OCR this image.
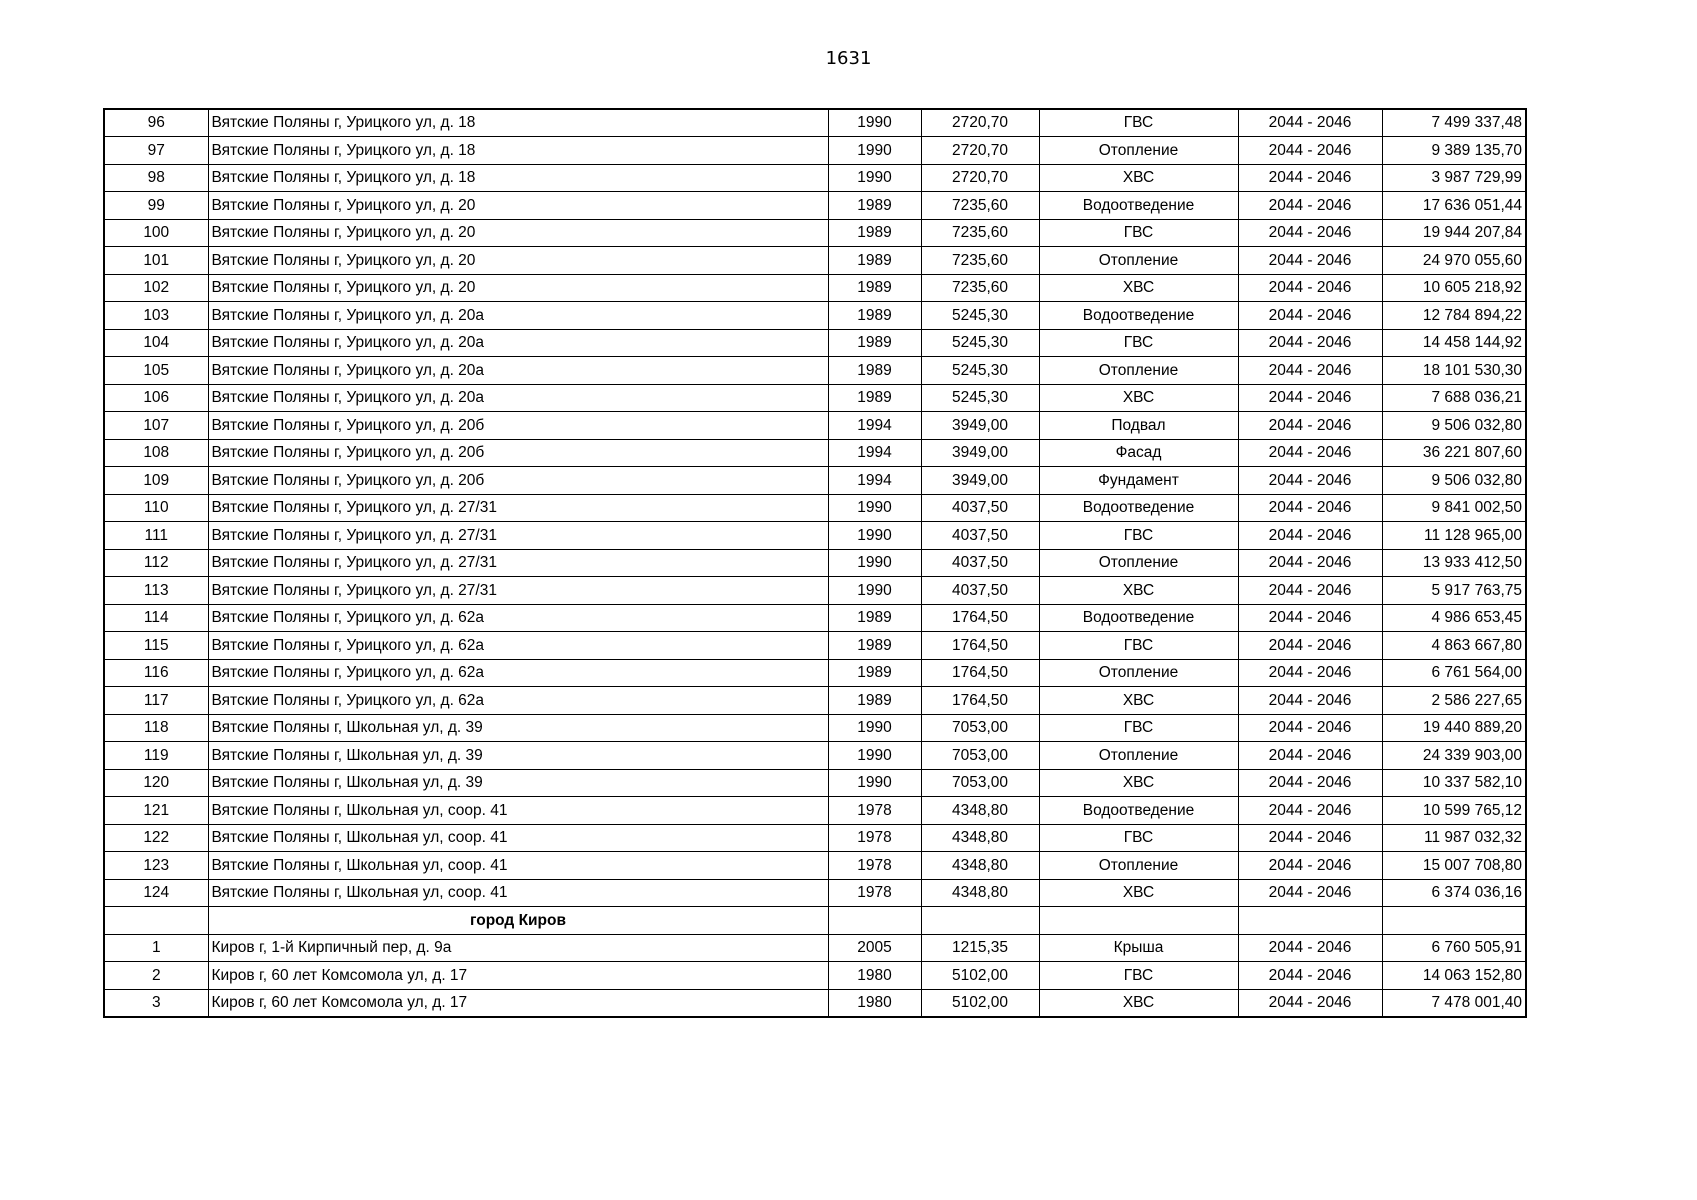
1631
96	Вятские Поляны г, Урицкого ул, д. 18	1990	2720,70	ГВС	2044 - 2046	7 499 337,48
97	Вятские Поляны г, Урицкого ул, д. 18	1990	2720,70	Отопление	2044 - 2046	9 389 135,70
98	Вятские Поляны г, Урицкого ул, д. 18	1990	2720,70	ХВС	2044 - 2046	3 987 729,99
99	Вятские Поляны г, Урицкого ул, д. 20	1989	7235,60	Водоотведение	2044 - 2046	17 636 051,44
100	Вятские Поляны г, Урицкого ул, д. 20	1989	7235,60	ГВС	2044 - 2046	19 944 207,84
101	Вятские Поляны г, Урицкого ул, д. 20	1989	7235,60	Отопление	2044 - 2046	24 970 055,60
102	Вятские Поляны г, Урицкого ул, д. 20	1989	7235,60	ХВС	2044 - 2046	10 605 218,92
103	Вятские Поляны г, Урицкого ул, д. 20а	1989	5245,30	Водоотведение	2044 - 2046	12 784 894,22
104	Вятские Поляны г, Урицкого ул, д. 20а	1989	5245,30	ГВС	2044 - 2046	14 458 144,92
105	Вятские Поляны г, Урицкого ул, д. 20а	1989	5245,30	Отопление	2044 - 2046	18 101 530,30
106	Вятские Поляны г, Урицкого ул, д. 20а	1989	5245,30	ХВС	2044 - 2046	7 688 036,21
107	Вятские Поляны г, Урицкого ул, д. 20б	1994	3949,00	Подвал	2044 - 2046	9 506 032,80
108	Вятские Поляны г, Урицкого ул, д. 20б	1994	3949,00	Фасад	2044 - 2046	36 221 807,60
109	Вятские Поляны г, Урицкого ул, д. 20б	1994	3949,00	Фундамент	2044 - 2046	9 506 032,80
110	Вятские Поляны г, Урицкого ул, д. 27/31	1990	4037,50	Водоотведение	2044 - 2046	9 841 002,50
111	Вятские Поляны г, Урицкого ул, д. 27/31	1990	4037,50	ГВС	2044 - 2046	11 128 965,00
112	Вятские Поляны г, Урицкого ул, д. 27/31	1990	4037,50	Отопление	2044 - 2046	13 933 412,50
113	Вятские Поляны г, Урицкого ул, д. 27/31	1990	4037,50	ХВС	2044 - 2046	5 917 763,75
114	Вятские Поляны г, Урицкого ул, д. 62а	1989	1764,50	Водоотведение	2044 - 2046	4 986 653,45
115	Вятские Поляны г, Урицкого ул, д. 62а	1989	1764,50	ГВС	2044 - 2046	4 863 667,80
116	Вятские Поляны г, Урицкого ул, д. 62а	1989	1764,50	Отопление	2044 - 2046	6 761 564,00
117	Вятские Поляны г, Урицкого ул, д. 62а	1989	1764,50	ХВС	2044 - 2046	2 586 227,65
118	Вятские Поляны г, Школьная ул, д. 39	1990	7053,00	ГВС	2044 - 2046	19 440 889,20
119	Вятские Поляны г, Школьная ул, д. 39	1990	7053,00	Отопление	2044 - 2046	24 339 903,00
120	Вятские Поляны г, Школьная ул, д. 39	1990	7053,00	ХВС	2044 - 2046	10 337 582,10
121	Вятские Поляны г, Школьная ул, соор. 41	1978	4348,80	Водоотведение	2044 - 2046	10 599 765,12
122	Вятские Поляны г, Школьная ул, соор. 41	1978	4348,80	ГВС	2044 - 2046	11 987 032,32
123	Вятские Поляны г, Школьная ул, соор. 41	1978	4348,80	Отопление	2044 - 2046	15 007 708,80
124	Вятские Поляны г, Школьная ул, соор. 41	1978	4348,80	ХВС	2044 - 2046	6 374 036,16
	город Киров					
1	Киров г, 1-й Кирпичный пер, д. 9а	2005	1215,35	Крыша	2044 - 2046	6 760 505,91
2	Киров г, 60 лет Комсомола ул, д. 17	1980	5102,00	ГВС	2044 - 2046	14 063 152,80
3	Киров г, 60 лет Комсомола ул, д. 17	1980	5102,00	ХВС	2044 - 2046	7 478 001,40
